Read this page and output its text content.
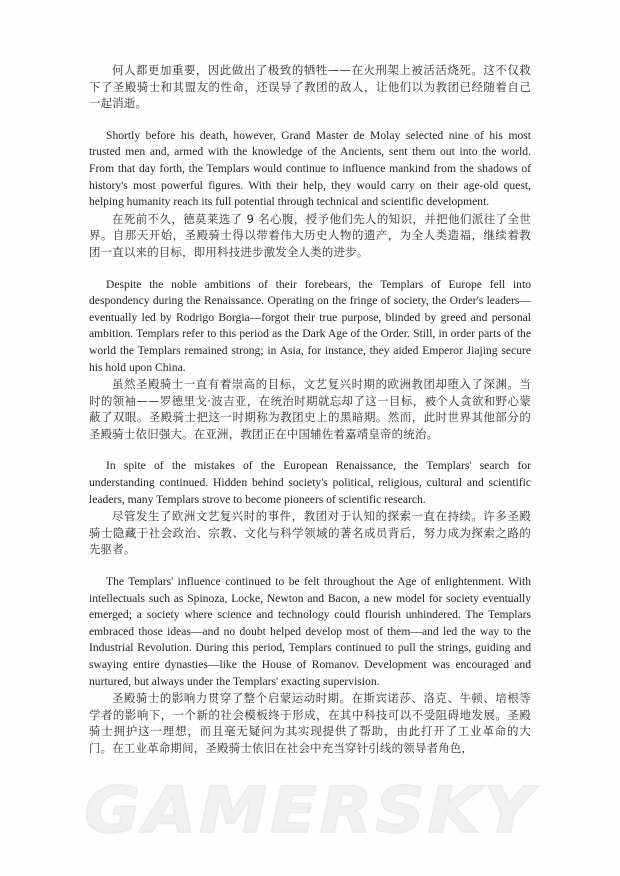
何人都更加重要，因此做出了极致的牺牲——在火刑架上被活活烧死。这不仅救下了圣殿骑士和其盟友的性命，还误导了教团的敌人，让他们以为教团已经随着自己一起消逝。

Shortly before his death, however, Grand Master de Molay selected nine of his most trusted men and, armed with the knowledge of the Ancients, sent them out into the world. From that day forth, the Templars would continue to influence mankind from the shadows of history's most powerful figures. With their help, they would carry on their age-old quest, helping humanity reach its full potential through technical and scientific development.

在死前不久，德莫莱选了 9 名心腹，授予他们先人的知识，并把他们派往了全世界。自那天开始，圣殿骑士得以带着伟大历史人物的遗产，为全人类造福，继续着教团一直以来的目标，即用科技进步激发全人类的进步。

Despite the noble ambitions of their forebears, the Templars of Europe fell into despondency during the Renaissance. Operating on the fringe of society, the Order's leaders—eventually led by Rodrigo Borgia—forgot their true purpose, blinded by greed and personal ambition. Templars refer to this period as the Dark Age of the Order. Still, in order parts of the world the Templars remained strong; in Asia, for instance, they aided Emperor Jiajing secure his hold upon China.

虽然圣殿骑士一直有着崇高的目标，文艺复兴时期的欧洲教团却堕入了深渊。当时的领袖——罗德里戈·波吉亚，在统治时期就忘却了这一目标，被个人贪欲和野心蒙蔽了双眼。圣殿骑士把这一时期称为教团史上的黑暗期。然而，此时世界其他部分的圣殿骑士依旧强大。在亚洲，教团正在中国辅佐着嘉靖皇帝的统治。

In spite of the mistakes of the European Renaissance, the Templars' search for understanding continued. Hidden behind society's political, religious, cultural and scientific leaders, many Templars strove to become pioneers of scientific research.

尽管发生了欧洲文艺复兴时的事件，教团对于认知的探索一直在持续。许多圣殿骑士隐藏于社会政治、宗教、文化与科学领域的著名成员背后，努力成为探索之路的先驱者。

The Templars' influence continued to be felt throughout the Age of enlightenment. With intellectuals such as Spinoza, Locke, Newton and Bacon, a new model for society eventually emerged; a society where science and technology could flourish unhindered. The Templars embraced those ideas—and no doubt helped develop most of them—and led the way to the Industrial Revolution. During this period, Templars continued to pull the strings, guiding and swaying entire dynasties—like the House of Romanov. Development was encouraged and nurtured, but always under the Templars' exacting supervision.

圣殿骑士的影响力贯穿了整个启蒙运动时期。在斯宾诺莎、洛克、牛顿、培根等学者的影响下，一个新的社会模板终于形成，在其中科技可以不受阻碍地发展。圣殿骑士拥护这一理想，而且毫无疑问为其实现提供了帮助，由此打开了工业革命的大门。在工业革命期间，圣殿骑士依旧在社会中充当穿针引线的领导者角色，

GAMERSKY
